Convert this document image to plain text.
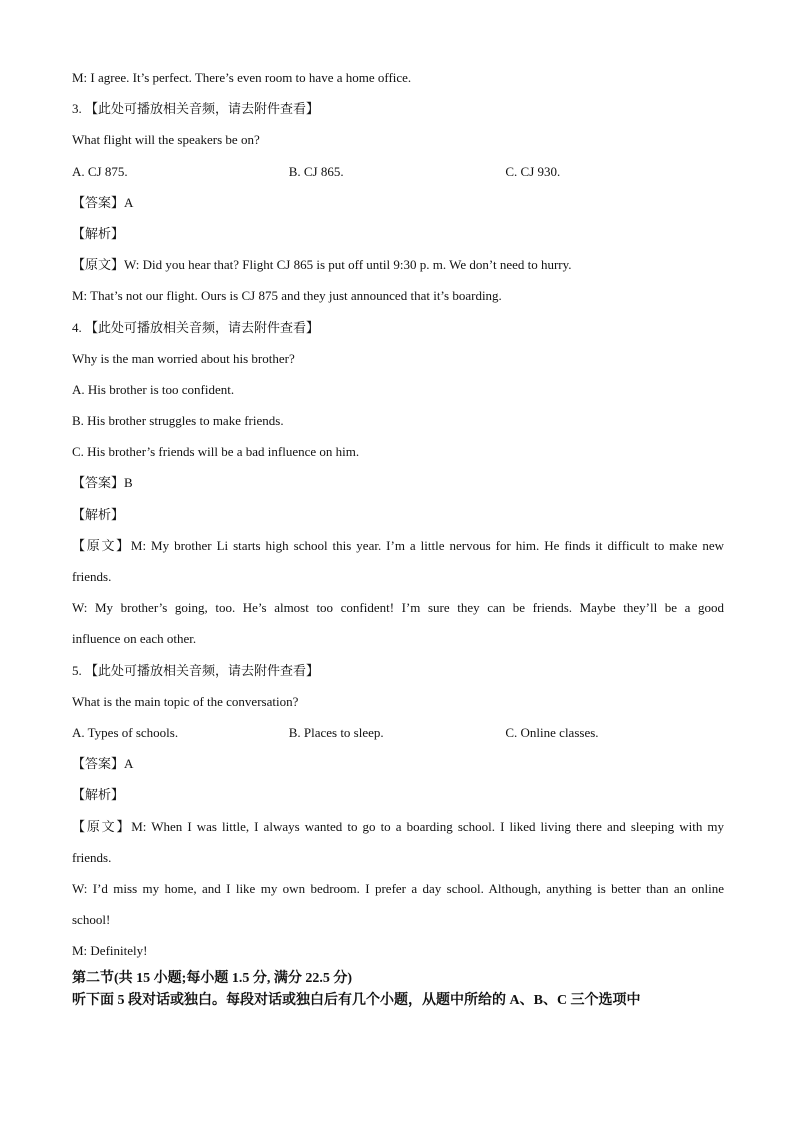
M: I agree. It’s perfect. There’s even room to have a home office.
3. 【此处可播放相关音频，请去附件查看】
What flight will the speakers be on?
A. CJ 875.	B. CJ 865.	C. CJ 930.
【答案】A
【解析】
【原文】W: Did you hear that? Flight CJ 865 is put off until 9:30 p. m. We don’t need to hurry.
M: That’s not our flight. Ours is CJ 875 and they just announced that it’s boarding.
4. 【此处可播放相关音频，请去附件查看】
Why is the man worried about his brother?
A. His brother is too confident.
B. His brother struggles to make friends.
C. His brother’s friends will be a bad influence on him.
【答案】B
【解析】
【原文】M: My brother Li starts high school this year. I’m a little nervous for him. He finds it difficult to make new
friends.
W: My brother’s going, too. He’s almost too confident! I’m sure they can be friends. Maybe they’ll be a good
influence on each other.
5. 【此处可播放相关音频，请去附件查看】
What is the main topic of the conversation?
A. Types of schools.	B. Places to sleep.	C. Online classes.
【答案】A
【解析】
【原文】M: When I was little, I always wanted to go to a boarding school. I liked living there and sleeping with my
friends.
W: I’d miss my home, and I like my own bedroom. I prefer a day school. Although, anything is better than an online
school!
M: Definitely!
第二节(共 15 小题;每小题 1.5 分, 满分 22.5 分)
听下面 5 段对话或独白。每段对话或独白后有几个小题，从题中所给的 A、B、C 三个选项中
